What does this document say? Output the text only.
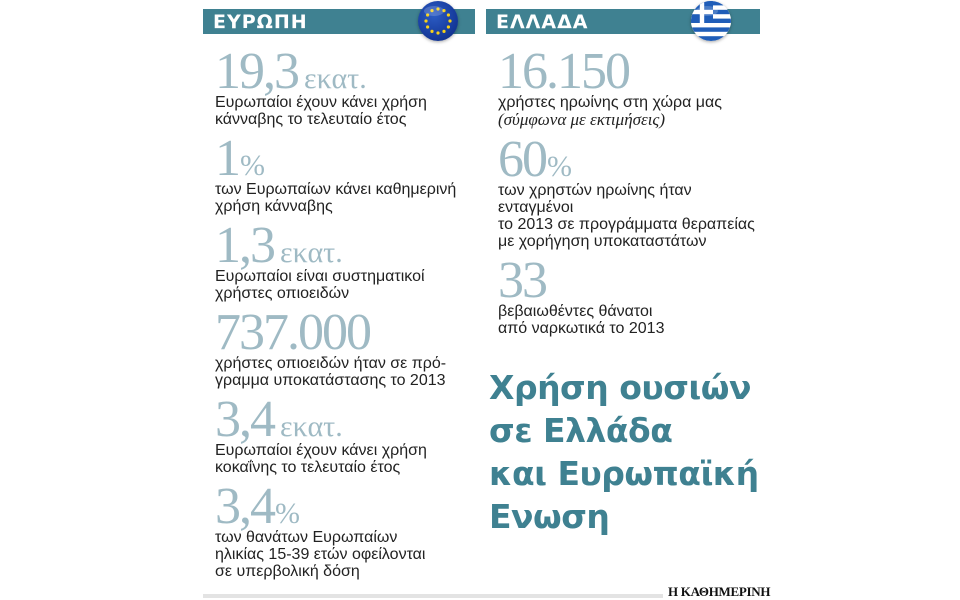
ΕΥΡΩΠΗ
19,3 εκατ.
Ευρωπαίοι έχουν κάνει χρήση
κάνναβης το τελευταίο έτος
1%
των Ευρωπαίων κάνει καθημερινή
χρήση κάνναβης
1,3 εκατ.
Ευρωπαίοι είναι συστηματικοί
χρήστες οπιοειδών
737.000
χρήστες οπιοειδών ήταν σε πρό-
γραμμα υποκατάστασης το 2013
3,4 εκατ.
Ευρωπαίοι έχουν κάνει χρήση
κοκαΐνης το τελευταίο έτος
3,4%
των θανάτων Ευρωπαίων
ηλικίας 15-39 ετών οφείλονται
σε υπερβολική δόση
ΕΛΛΑΔΑ
16.150
χρήστες ηρωίνης στη χώρα μας
(σύμφωνα με εκτιμήσεις)
60%
των χρηστών ηρωίνης ήταν ενταγμένοι
το 2013 σε προγράμματα θεραπείας
με χορήγηση υποκαταστάτων
33
βεβαιωθέντες θάνατοι
από ναρκωτικά το 2013
Χρήση ουσιών
σε Ελλάδα
και Ευρωπαϊκή
Ενωση
Η ΚΑΘΗΜΕΡΙΝΗ
